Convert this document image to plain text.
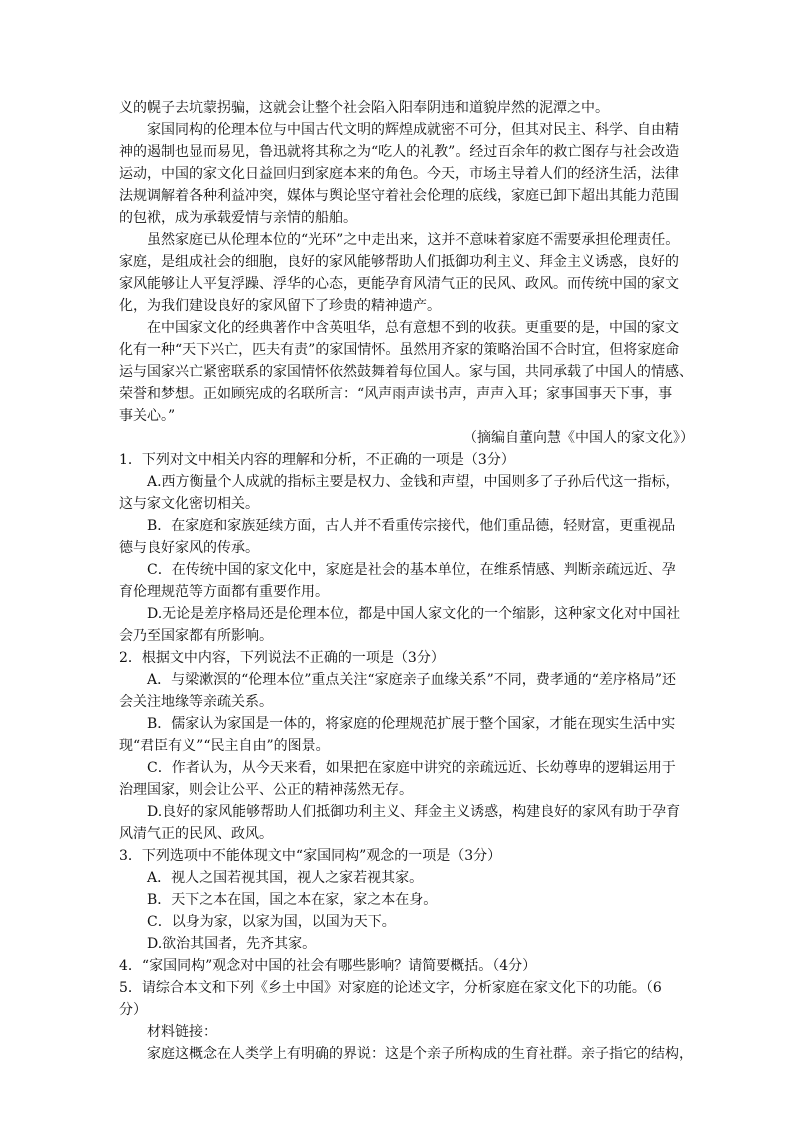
义的幌子去坑蒙拐骗，这就会让整个社会陷入阳奉阴违和道貌岸然的泥潭之中。
家国同构的伦理本位与中国古代文明的辉煌成就密不可分，但其对民主、科学、自由精
神的遏制也显而易见，鲁迅就将其称之为“吃人的礼教”。经过百余年的救亡图存与社会改造
运动，中国的家文化日益回归到家庭本来的角色。今天，市场主导着人们的经济生活，法律
法规调解着各种利益冲突，媒体与舆论坚守着社会伦理的底线，家庭已卸下超出其能力范围
的包袱，成为承载爱情与亲情的船舶。
虽然家庭已从伦理本位的“光环”之中走出来，这并不意味着家庭不需要承担伦理责任。
家庭，是组成社会的细胞，良好的家风能够帮助人们抵御功利主义、拜金主义诱惑，良好的
家风能够让人平复浮躁、浮华的心态，更能孕育风清气正的民风、政风。而传统中国的家文
化，为我们建设良好的家风留下了珍贵的精神遗产。
在中国家文化的经典著作中含英咀华，总有意想不到的收获。更重要的是，中国的家文
化有一种“天下兴亡，匹夫有责”的家国情怀。虽然用齐家的策略治国不合时宜，但将家庭命
运与国家兴亡紧密联系的家国情怀依然鼓舞着每位国人。家与国，共同承载了中国人的情感、
荣誉和梦想。正如顾宪成的名联所言：“风声雨声读书声，声声入耳；家事国事天下事，事
事关心。”
（摘编自董向慧《中国人的家文化》）
1．下列对文中相关内容的理解和分析，不正确的一项是（3分）
A.西方衡量个人成就的指标主要是权力、金钱和声望，中国则多了子孙后代这一指标，
这与家文化密切相关。
B．在家庭和家族延续方面，古人并不看重传宗接代，他们重品德，轻财富，更重视品
德与良好家风的传承。
C．在传统中国的家文化中，家庭是社会的基本单位，在维系情感、判断亲疏远近、孕
育伦理规范等方面都有重要作用。
D.无论是差序格局还是伦理本位，都是中国人家文化的一个缩影，这种家文化对中国社
会乃至国家都有所影响。
2．根据文中内容，下列说法不正确的一项是（3分）
A．与梁漱溟的“伦理本位”重点关注“家庭亲子血缘关系”不同，费孝通的“差序格局”还
会关注地缘等亲疏关系。
B．儒家认为家国是一体的，将家庭的伦理规范扩展于整个国家，才能在现实生活中实
现“君臣有义”“民主自由”的图景。
C．作者认为，从今天来看，如果把在家庭中讲究的亲疏远近、长幼尊卑的逻辑运用于
治理国家，则会让公平、公正的精神荡然无存。
D.良好的家风能够帮助人们抵御功利主义、拜金主义诱惑，构建良好的家风有助于孕育
风清气正的民风、政风。
3．下列选项中不能体现文中“家国同构”观念的一项是（3分）
A．视人之国若视其国，视人之家若视其家。
B．天下之本在国，国之本在家，家之本在身。
C．以身为家，以家为国，以国为天下。
D.欲治其国者，先齐其家。
4．“家国同构”观念对中国的社会有哪些影响？请简要概括。（4分）
5．请综合本文和下列《乡土中国》对家庭的论述文字，分析家庭在家文化下的功能。（6
分）
材料链接：
家庭这概念在人类学上有明确的界说：这是个亲子所构成的生育社群。亲子指它的结构，
